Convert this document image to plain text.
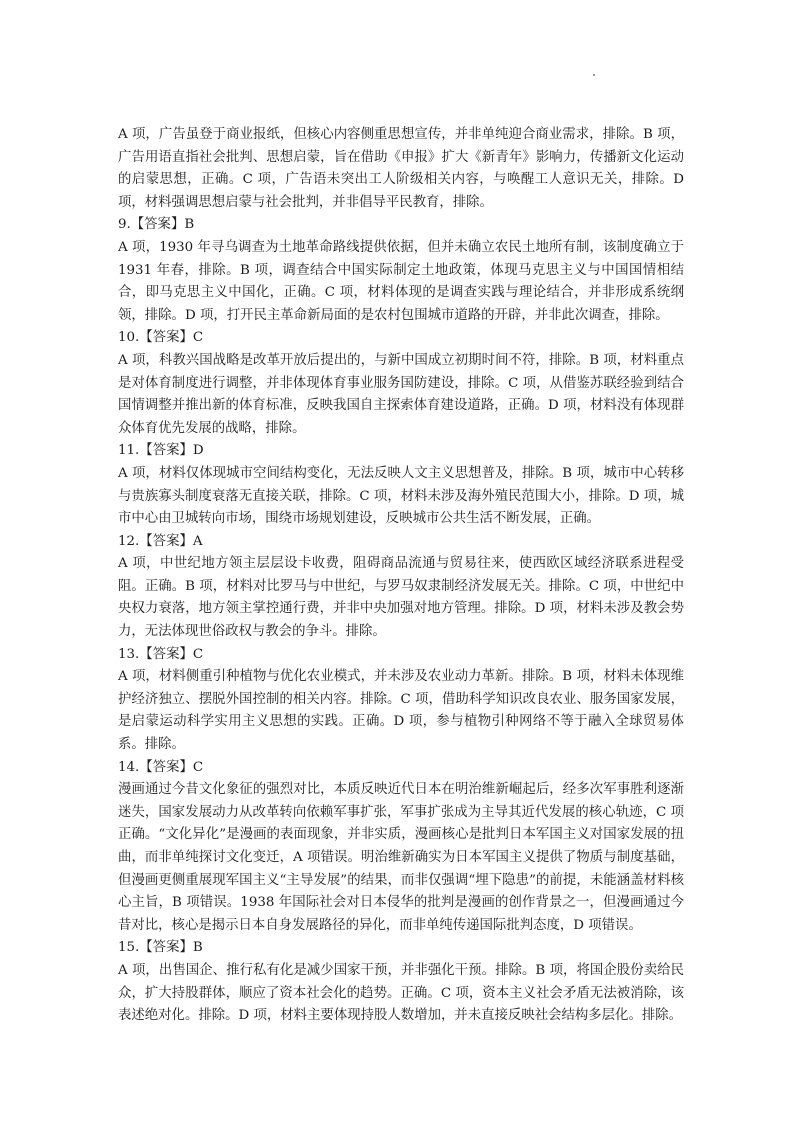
A 项，广告虽登于商业报纸，但核心内容侧重思想宣传，并非单纯迎合商业需求，排除。B 项，广告用语直指社会批判、思想启蒙，旨在借助《申报》扩大《新青年》影响力，传播新文化运动的启蒙思想，正确。C 项，广告语未突出工人阶级相关内容，与唤醒工人意识无关，排除。D 项，材料强调思想启蒙与社会批判，并非倡导平民教育，排除。

9.【答案】B

A 项，1930 年寻乌调查为土地革命路线提供依据，但并未确立农民土地所有制，该制度确立于 1931 年春，排除。B 项，调查结合中国实际制定土地政策，体现马克思主义与中国国情相结合，即马克思主义中国化，正确。C 项，材料体现的是调查实践与理论结合，并非形成系统纲领，排除。D 项，打开民主革命新局面的是农村包围城市道路的开辟，并非此次调查，排除。

10.【答案】C

A 项，科教兴国战略是改革开放后提出的，与新中国成立初期时间不符，排除。B 项，材料重点是对体育制度进行调整，并非体现体育事业服务国防建设，排除。C 项，从借鉴苏联经验到结合国情调整并推出新的体育标准，反映我国自主探索体育建设道路，正确。D 项，材料没有体现群众体育优先发展的战略，排除。

11.【答案】D

A 项，材料仅体现城市空间结构变化，无法反映人文主义思想普及，排除。B 项，城市中心转移与贵族寡头制度衰落无直接关联，排除。C 项，材料未涉及海外殖民范围大小，排除。D 项，城市中心由卫城转向市场，围绕市场规划建设，反映城市公共生活不断发展，正确。

12.【答案】A

A 项，中世纪地方领主层层设卡收费，阻碍商品流通与贸易往来，使西欧区域经济联系进程受阻。正确。B 项，材料对比罗马与中世纪，与罗马奴隶制经济发展无关。排除。C 项，中世纪中央权力衰落，地方领主掌控通行费，并非中央加强对地方管理。排除。D 项，材料未涉及教会势力，无法体现世俗政权与教会的争斗。排除。

13.【答案】C

A 项，材料侧重引种植物与优化农业模式，并未涉及农业动力革新。排除。B 项，材料未体现维护经济独立、摆脱外国控制的相关内容。排除。C 项，借助科学知识改良农业、服务国家发展，是启蒙运动科学实用主义思想的实践。正确。D 项，参与植物引种网络不等于融入全球贸易体系。排除。

14.【答案】C

漫画通过今昔文化象征的强烈对比，本质反映近代日本在明治维新崛起后，经多次军事胜利逐渐迷失，国家发展动力从改革转向依赖军事扩张，军事扩张成为主导其近代发展的核心轨迹，C 项正确。“文化异化”是漫画的表面现象，并非实质，漫画核心是批判日本军国主义对国家发展的扭曲，而非单纯探讨文化变迁，A 项错误。明治维新确实为日本军国主义提供了物质与制度基础，但漫画更侧重展现军国主义“主导发展”的结果，而非仅强调“埋下隐患”的前提，未能涵盖材料核心主旨，B 项错误。1938 年国际社会对日本侵华的批判是漫画的创作背景之一，但漫画通过今昔对比，核心是揭示日本自身发展路径的异化，而非单纯传递国际批判态度，D 项错误。

15.【答案】B

A 项，出售国企、推行私有化是减少国家干预，并非强化干预。排除。B 项，将国企股份卖给民众，扩大持股群体，顺应了资本社会化的趋势。正确。C 项，资本主义社会矛盾无法被消除，该表述绝对化。排除。D 项，材料主要体现持股人数增加，并未直接反映社会结构多层化。排除。
